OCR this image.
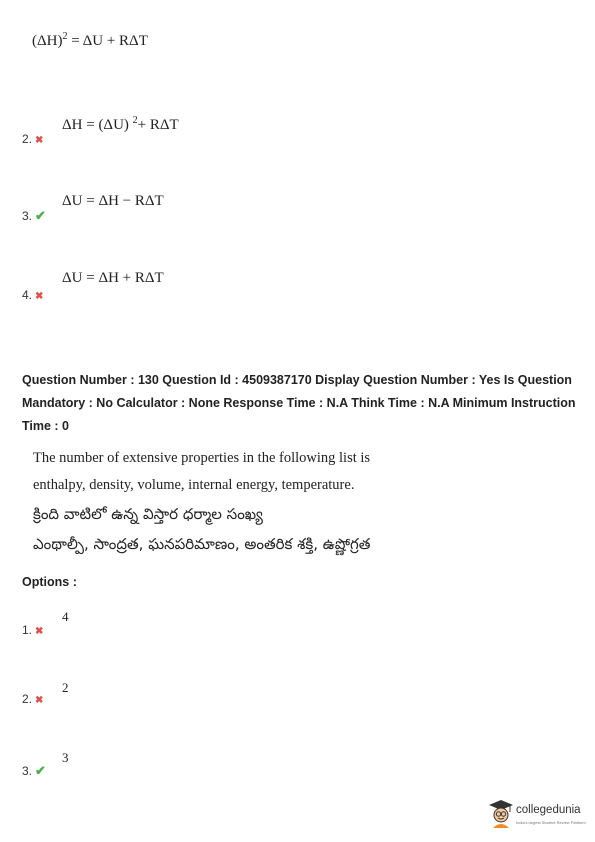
$(\Delta H)^2 = \Delta U + R\Delta T$
ΔH = (ΔU) $^2$+ RΔT
2. ✖
ΔU = ΔH − RΔT
3. ✔
ΔU = ΔH + RΔT
4. ✖
Question Number : 130 Question Id : 4509387170 Display Question Number : Yes Is Question
Mandatory : No Calculator : None Response Time : N.A Think Time : N.A Minimum Instruction
Time : 0
The number of extensive properties in the following list is
enthalpy, density, volume, internal energy, temperature.
క్రింది వాటిలో ఉన్న విస్తార ధర్మాల సంఖ్య
ఎంథాల్పీ, సాంద్రత, ఘనపరిమాణం, అంతరిక శక్తి, ఉష్ణోగ్రత
Options :
4
1. ✖
2
2. ✖
3
3. ✔
collegedunia
India's largest Student Review Platform
